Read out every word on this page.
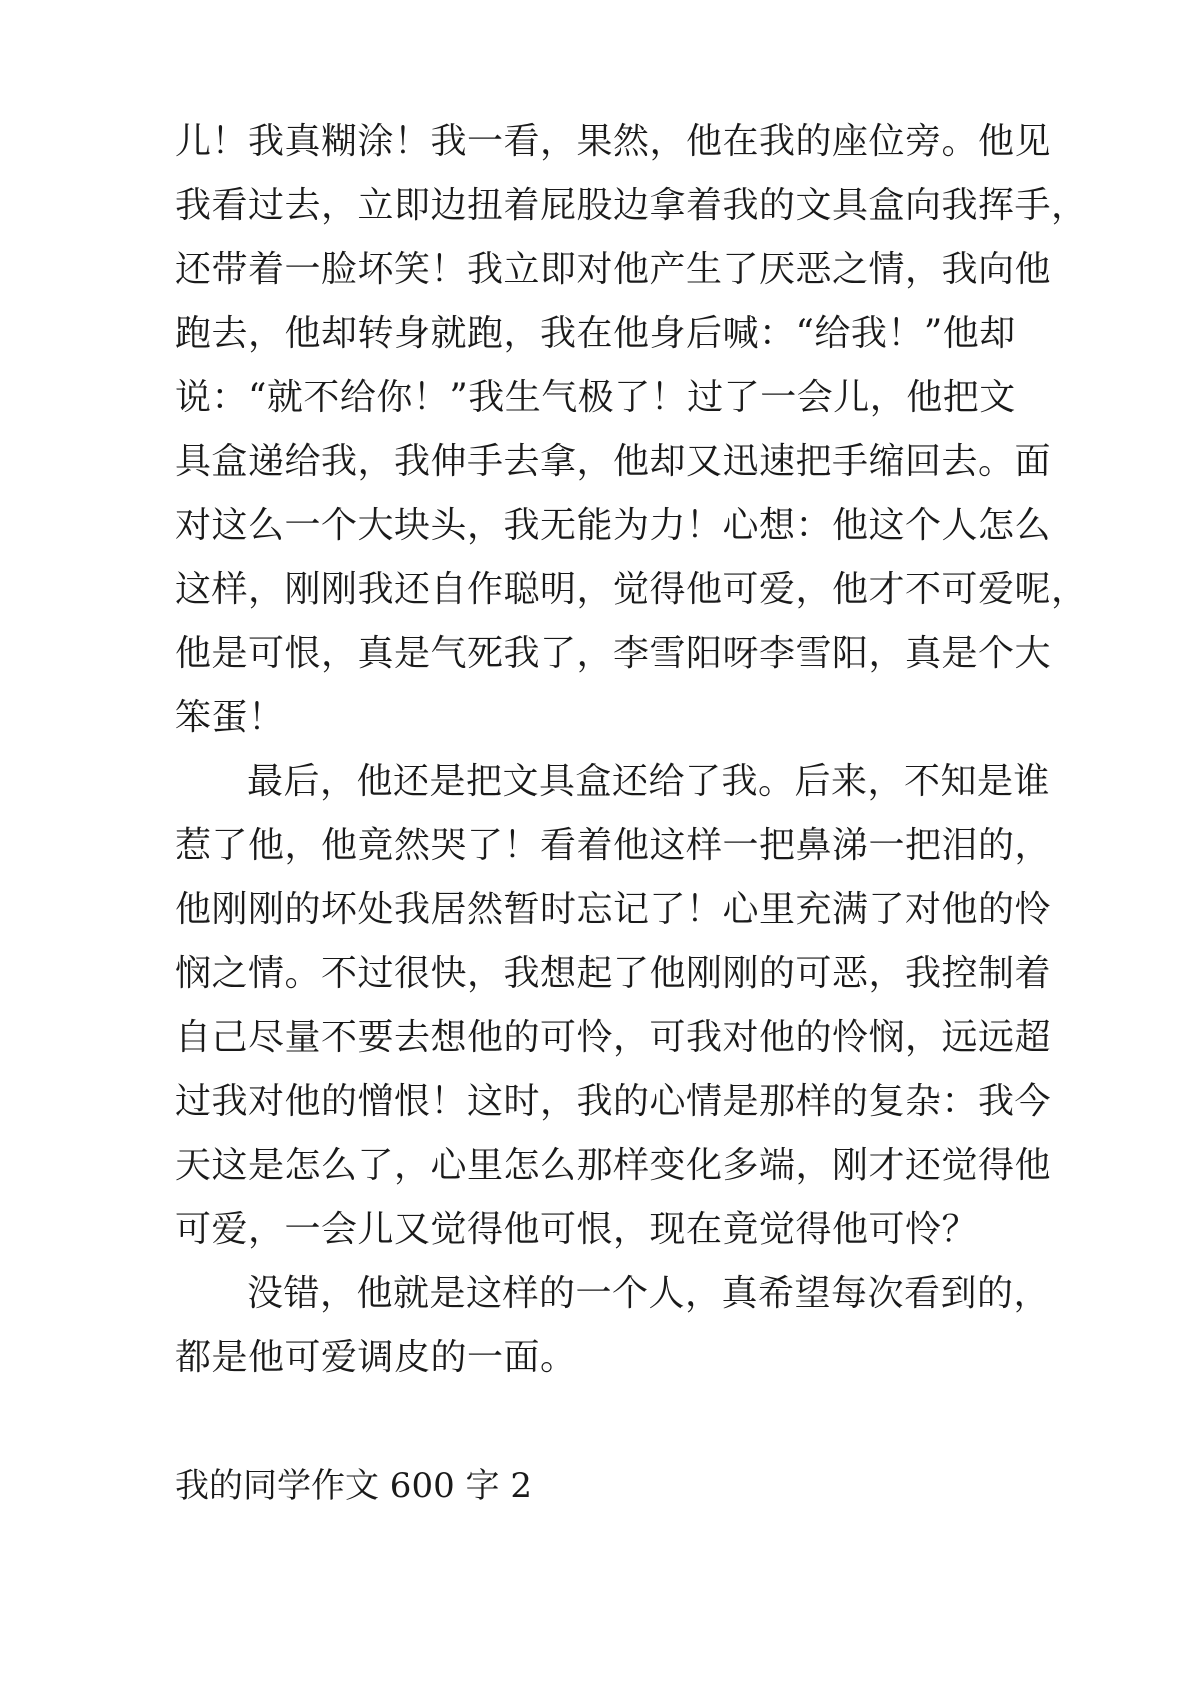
儿！我真糊涂！我一看，果然，他在我的座位旁。他见
我看过去，立即边扭着屁股边拿着我的文具盒向我挥手，
还带着一脸坏笑！我立即对他产生了厌恶之情，我向他
跑去，他却转身就跑，我在他身后喊：“给我！”他却
说：“就不给你！”我生气极了！过了一会儿，他把文
具盒递给我，我伸手去拿，他却又迅速把手缩回去。面
对这么一个大块头，我无能为力！心想：他这个人怎么
这样，刚刚我还自作聪明，觉得他可爱，他才不可爱呢，
他是可恨，真是气死我了，李雪阳呀李雪阳，真是个大
笨蛋！
最后，他还是把文具盒还给了我。后来，不知是谁
惹了他，他竟然哭了！看着他这样一把鼻涕一把泪的，
他刚刚的坏处我居然暂时忘记了！心里充满了对他的怜
悯之情。不过很快，我想起了他刚刚的可恶，我控制着
自己尽量不要去想他的可怜，可我对他的怜悯，远远超
过我对他的憎恨！这时，我的心情是那样的复杂：我今
天这是怎么了，心里怎么那样变化多端，刚才还觉得他
可爱，一会儿又觉得他可恨，现在竟觉得他可怜？
没错，他就是这样的一个人，真希望每次看到的，
都是他可爱调皮的一面。
我的同学作文 600 字 2
